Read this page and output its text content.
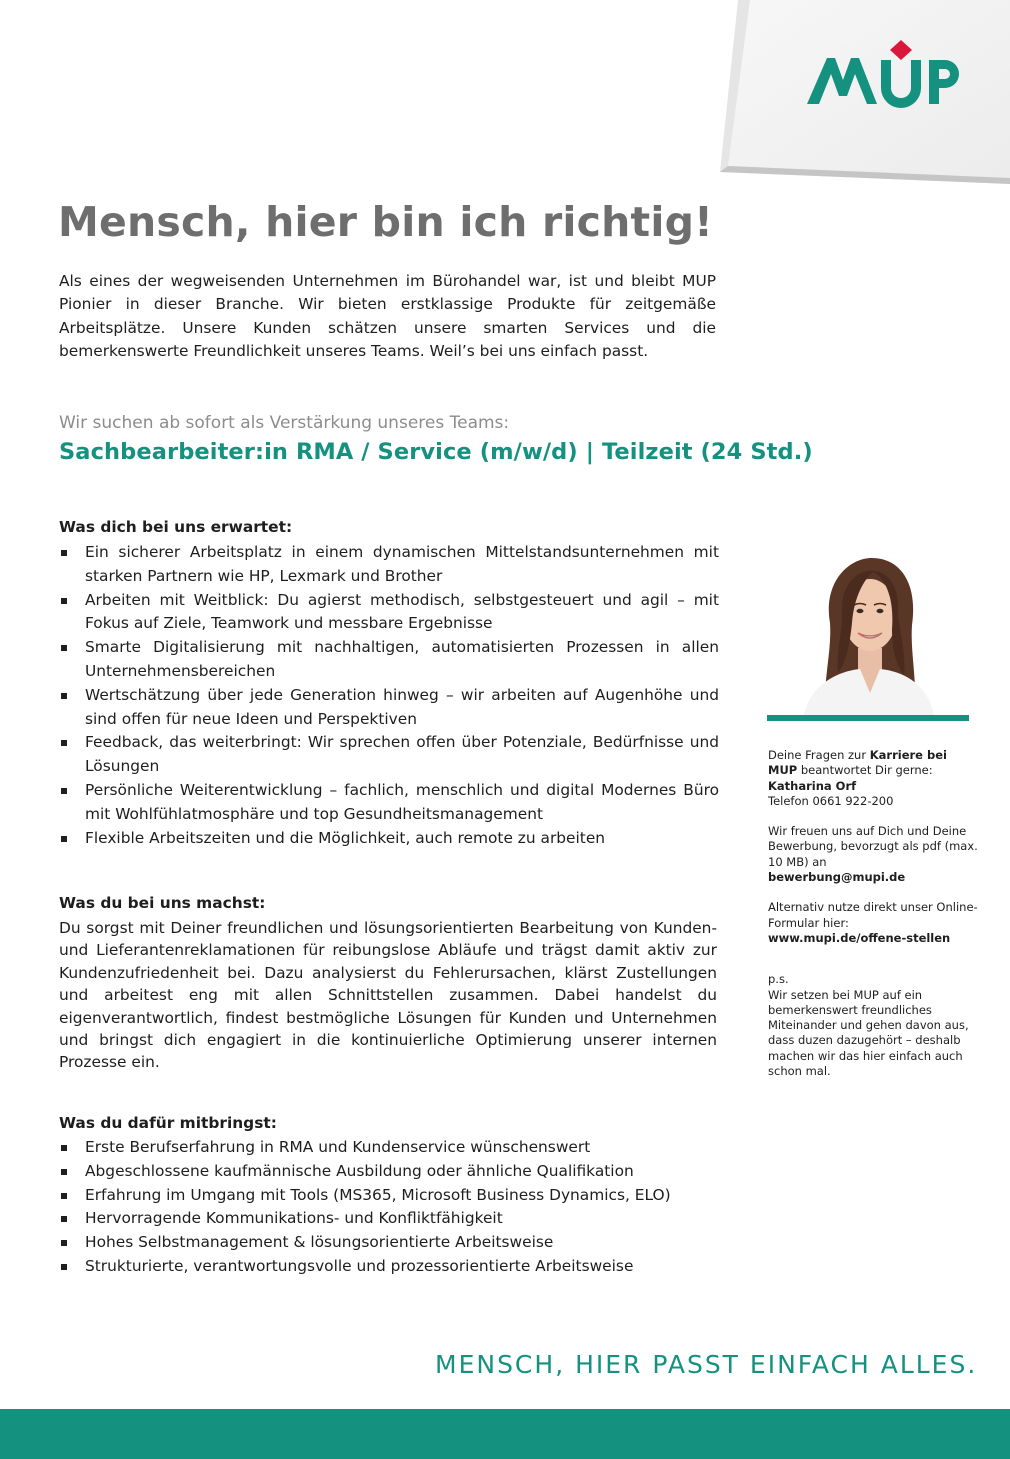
MUP
Mensch, hier bin ich richtig!

Als eines der wegweisenden Unternehmen im Bürohandel war, ist und bleibt MUP Pionier in dieser Branche. Wir bieten erstklassige Produkte für zeitgemäße Arbeitsplätze. Unsere Kunden schätzen unsere smarten Services und die bemerkenswerte Freundlichkeit unseres Teams. Weil’s bei uns einfach passt.

Wir suchen ab sofort als Verstärkung unseres Teams:

Sachbearbeiter:in RMA / Service (m/w/d) | Teilzeit (24 Std.)
Was dich bei uns erwartet:
Ein sicherer Arbeitsplatz in einem dynamischen Mittelstandsunternehmen mit starken Partnern wie HP, Lexmark und Brother
Arbeiten mit Weitblick: Du agierst methodisch, selbstgesteuert und agil – mit Fokus auf Ziele, Teamwork und messbare Ergebnisse
Smarte Digitalisierung mit nachhaltigen, automatisierten Prozessen in allen Unternehmensbereichen
Wertschätzung über jede Generation hinweg – wir arbeiten auf Augenhöhe und sind offen für neue Ideen und Perspektiven
Feedback, das weiterbringt: Wir sprechen offen über Potenziale, Bedürfnisse und Lösungen
Persönliche Weiterentwicklung – fachlich, menschlich und digital Modernes Büro mit Wohlfühlatmosphäre und top Gesundheitsmanagement
Flexible Arbeitszeiten und die Möglichkeit, auch remote zu arbeiten
Was du bei uns machst:

Du sorgst mit Deiner freundlichen und lösungsorientierten Bearbeitung von Kunden- und Lieferantenreklamationen für reibungslose Abläufe und trägst damit aktiv zur Kundenzufriedenheit bei. Dazu analysierst du Fehlerursachen, klärst Zustellungen und arbeitest eng mit allen Schnittstellen zusammen. Dabei handelst du eigenverantwortlich, findest bestmögliche Lösungen für Kunden und Unternehmen und bringst dich engagiert in die kontinuierliche Optimierung unserer internen Prozesse ein.

Was du dafür mitbringst:
Erste Berufserfahrung in RMA und Kundenservice wünschenswert
Abgeschlossene kaufmännische Ausbildung oder ähnliche Qualifikation
Erfahrung im Umgang mit Tools (MS365, Microsoft Business Dynamics, ELO)
Hervorragende Kommunikations- und Konfliktfähigkeit
Hohes Selbstmanagement & lösungsorientierte Arbeitsweise
Strukturierte, verantwortungsvolle und prozessorientierte Arbeitsweise

Deine Fragen zur Karriere bei MUP beantwortet Dir gerne:
Katharina Orf
Telefon 0661 922-200

Wir freuen uns auf Dich und Deine Bewerbung, bevorzugt als pdf (max. 10 MB) an
bewerbung@mupi.de

Alternativ nutze direkt unser Online-Formular hier:
www.mupi.de/offene-stellen

p.s.
Wir setzen bei MUP auf ein bemerkenswert freundliches Miteinander und gehen davon aus, dass duzen dazugehört – deshalb machen wir das hier einfach auch schon mal.

MENSCH, HIER PASST EINFACH ALLES.
